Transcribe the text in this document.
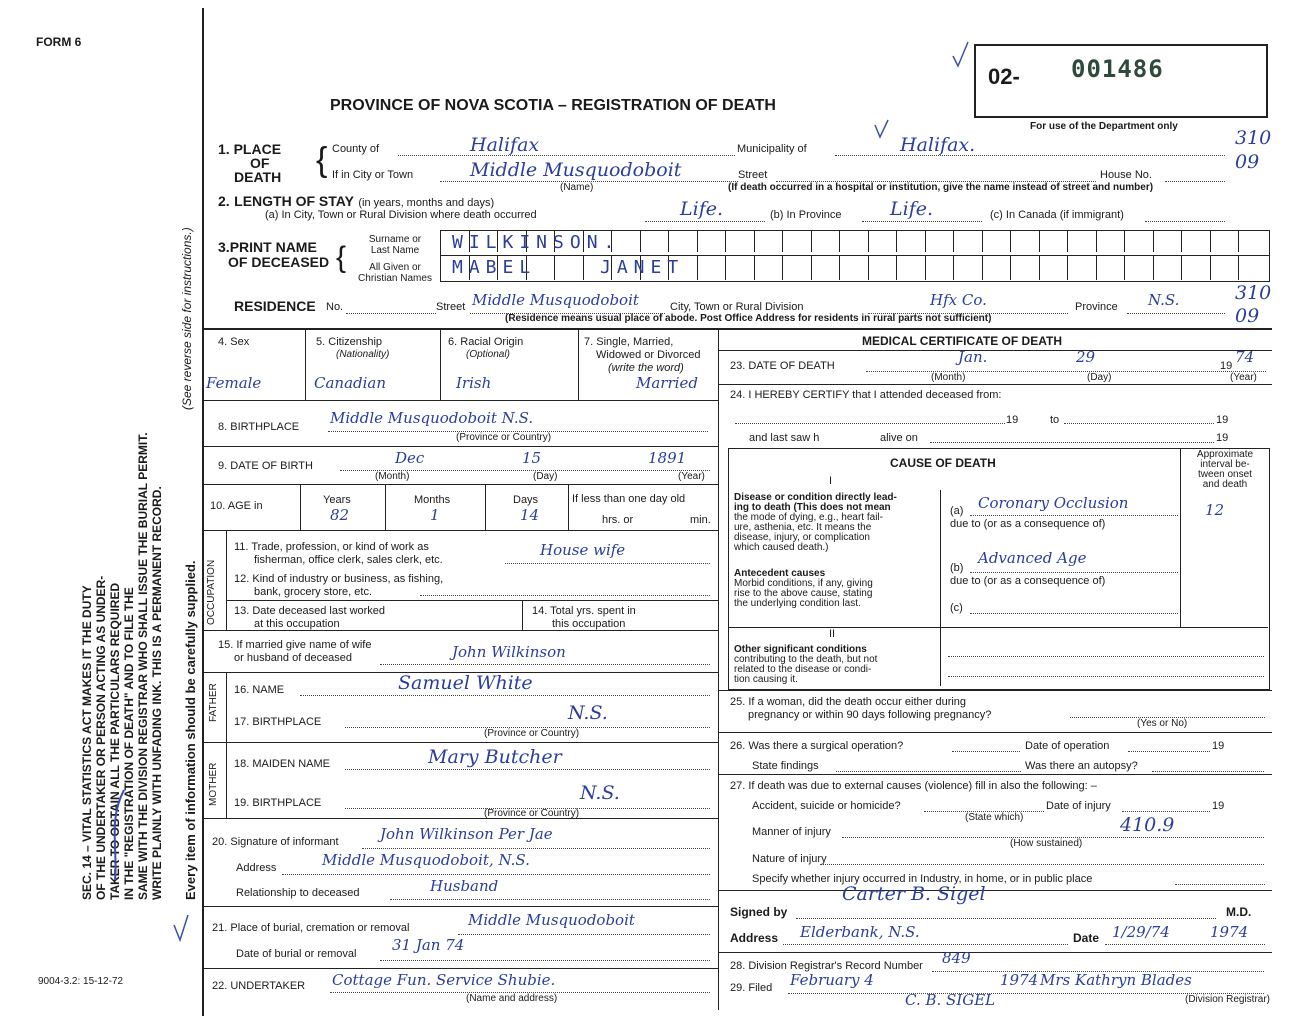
FORM 6
9004-3.2: 15-12-72
02- 001486
For use of the Department only
310
09
310
09
PROVINCE OF NOVA SCOTIA – REGISTRATION OF DEATH
SEC. 14 – VITAL STATISTICS ACT MAKES IT THE DUTY OF THE UNDERTAKER OR PERSON ACTING AS UNDER- TAKER TO OBTAIN ALL THE PARTICULARS REQUIRED IN THE "REGISTRATION OF DEATH" AND TO FILE THE SAME WITH THE DIVISION REGISTRAR WHO SHALL ISSUE THE BURIAL PERMIT. WRITE PLAINLY WITH UNFADING INK. THIS IS A PERMANENT RECORD. Every item of information should be carefully supplied.
(See reverse side for instructions.)
1. PLACE
OF
DEATH { County of	Halifax	Municipality of	Halifax.
If in City or Town	Middle Musquodoboit	Street	House No.
(Name)	(If death occurred in a hospital or institution, give the name instead of street and number)
2. LENGTH OF STAY (in years, months and days)
(a) In City, Town or Rural Division where death occurred	Life.	(b) In Province	Life.	(c) In Canada (if immigrant)
3.PRINT NAME
OF DECEASED {
Surname or
Last Name
All Given or
Christian Names
WILKINSON.
MABEL	JANET
RESIDENCE No.	Street Middle Musquodoboit	City, Town or Rural Division	Hfx Co.	Province N.S.
(Residence means usual place of abode. Post Office Address for residents in rural parts not sufficient)
4. Sex	5. Citizenship
(Nationality)
6. Racial Origin
(Optional)
7. Single, Married,
Widowed or Divorced
(write the word)
Female	Canadian	Irish	Married
8. BIRTHPLACE Middle Musquodoboit N.S.
(Province or Country)
9. DATE OF BIRTH	Dec	15	1891
(Month)	(Day)	(Year)
10. AGE in	Years	Months	Days
82	1	14
If less than one day old
hrs. or	min.
OCCUPATION
11. Trade, profession, or kind of work as
fisherman, office clerk, sales clerk, etc.
House wife
12. Kind of industry or business, as fishing,
bank, grocery store, etc.
13. Date deceased last worked
at this occupation
14. Total yrs. spent in
this occupation
15. If married give name of wife
or husband of deceased	John Wilkinson
FATHER 16. NAME	Samuel White
17. BIRTHPLACE	N.S.
(Province or Country)
MOTHER 18. MAIDEN NAME	Mary Butcher
19. BIRTHPLACE	N.S.
(Province or Country)
20. Signature of informant	John Wilkinson Per Jae
Address	Middle Musquodoboit, N.S.
Relationship to deceased	Husband
21. Place of burial, cremation or removal	Middle Musquodoboit
Date of burial or removal 31 Jan 74
22. UNDERTAKER Cottage Fun. Service Shubie.
(Name and address)
MEDICAL CERTIFICATE OF DEATH
23. DATE OF DEATH	Jan.	29	19 74
(Month)	(Day)	(Year)
24. I HEREBY CERTIFY that I attended deceased from:
19	to	19
and last saw h	alive on	19
CAUSE OF DEATH
I
Approximate
interval be-
tween onset
and death
Disease or condition directly lead-
ing to death (This does not mean
the mode of dying, e.g., heart fail-
ure, asthenia, etc. It means the
disease, injury, or complication
which caused death.)
(a) Coronary Occlusion	12
due to (or as a consequence of)
Antecedent causes
Morbid conditions, if any, giving
rise to the above cause, stating
the underlying condition last.
(b)
Advanced Age
due to (or as a consequence of)
(c)
II
Other significant conditions
contributing to the death, but not
related to the disease or condi-
tion causing it.
25. If a woman, did the death occur either during
pregnancy or within 90 days following pregnancy?
(Yes or No)
26. Was there a surgical operation?	Date of operation	19
State findings	Was there an autopsy?
27. If death was due to external causes (violence) fill in also the following: –
Accident, suicide or homicide?	Date of injury	19
(State which)
Manner of injury	410.9
(How sustained)
Nature of injury
Specify whether injury occurred in Industry, in home, or in public place
Signed by
Carter B. Sigel
M.D.
Address Elderbank, N.S.	Date 1/29/74	1974
28. Division Registrar's Record Number 849
29. Filed February 4	1974 Mrs Kathryn Blades
(Division Registrar)
C. B. SIGEL
